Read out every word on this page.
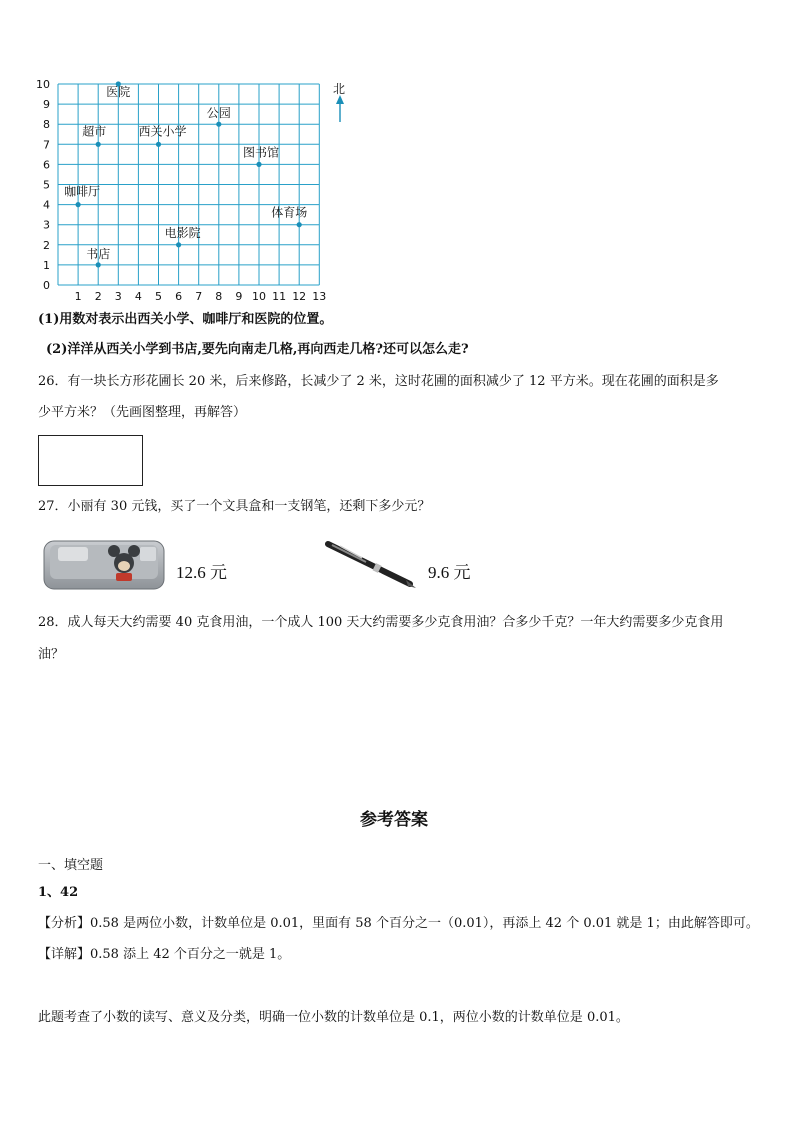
0
1
2
3
4
5
6
7
8
9
10
1 2 3 4 5 6 7 8 9 10 11 12 13
医院
超市	西关小学
公园
图书馆
咖啡厅
体育场
电影院
书店
北
(1)用数对表示出西关小学、咖啡厅和医院的位置。
(2)洋洋从西关小学到书店,要先向南走几格,再向西走几格?还可以怎么走?
26．有一块长方形花圃长 20 米，后来修路，长减少了 2 米，这时花圃的面积减少了 12 平方米。现在花圃的面积是多
少平方米？（先画图整理，再解答）
27．小丽有 30 元钱，买了一个文具盒和一支钢笔，还剩下多少元？
12.6 元	9.6 元
28．成人每天大约需要 40 克食用油，一个成人 100 天大约需要多少克食用油？合多少千克？一年大约需要多少克食用
油？
参考答案
一、填空题
1、42
【分析】0.58 是两位小数，计数单位是 0.01，里面有 58 个百分之一（0.01），再添上 42 个 0.01 就是 1；由此解答即可。
【详解】0.58 添上 42 个百分之一就是 1。
此题考查了小数的读写、意义及分类，明确一位小数的计数单位是 0.1，两位小数的计数单位是 0.01。
